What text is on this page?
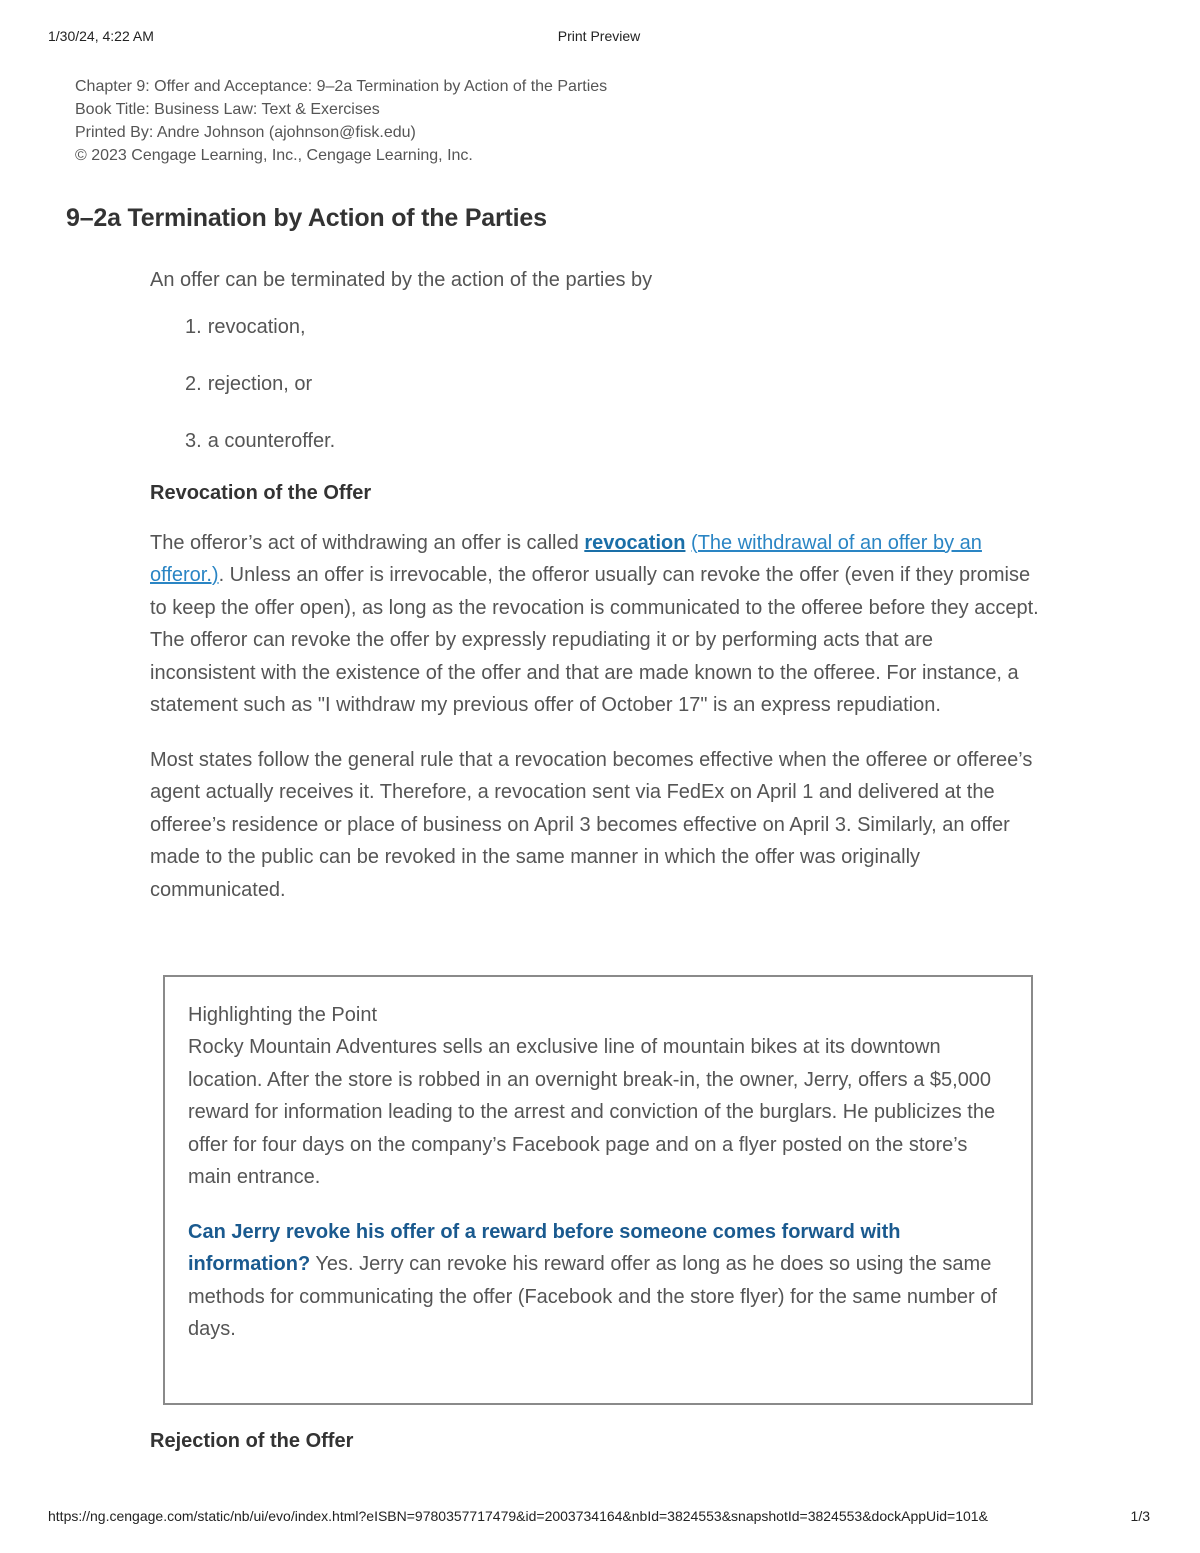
1/30/24, 4:22 AM	Print Preview
Chapter 9: Offer and Acceptance: 9–2a Termination by Action of the Parties
Book Title: Business Law: Text & Exercises
Printed By: Andre Johnson (ajohnson@fisk.edu)
© 2023 Cengage Learning, Inc., Cengage Learning, Inc.
9–2a Termination by Action of the Parties

An offer can be terminated by the action of the parties by

1. revocation,
2. rejection, or
3. a counteroffer.
Revocation of the Offer

The offeror’s act of withdrawing an offer is called revocation (The withdrawal of an offer by an offeror.). Unless an offer is irrevocable, the offeror usually can revoke the offer (even if they promise to keep the offer open), as long as the revocation is communicated to the offeree before they accept. The offeror can revoke the offer by expressly repudiating it or by performing acts that are inconsistent with the existence of the offer and that are made known to the offeree. For instance, a statement such as "I withdraw my previous offer of October 17" is an express repudiation.

Most states follow the general rule that a revocation becomes effective when the offeree or offeree’s agent actually receives it. Therefore, a revocation sent via FedEx on April 1 and delivered at the offeree’s residence or place of business on April 3 becomes effective on April 3. Similarly, an offer made to the public can be revoked in the same manner in which the offer was originally communicated.

Highlighting the Point

Rocky Mountain Adventures sells an exclusive line of mountain bikes at its downtown location. After the store is robbed in an overnight break-in, the owner, Jerry, offers a $5,000 reward for information leading to the arrest and conviction of the burglars. He publicizes the offer for four days on the company’s Facebook page and on a flyer posted on the store’s main entrance.

Can Jerry revoke his offer of a reward before someone comes forward with information? Yes. Jerry can revoke his reward offer as long as he does so using the same methods for communicating the offer (Facebook and the store flyer) for the same number of days.

Rejection of the Offer
https://ng.cengage.com/static/nb/ui/evo/index.html?eISBN=9780357717479&id=2003734164&nbId=3824553&snapshotId=3824553&dockAppUid=101&	1/3
